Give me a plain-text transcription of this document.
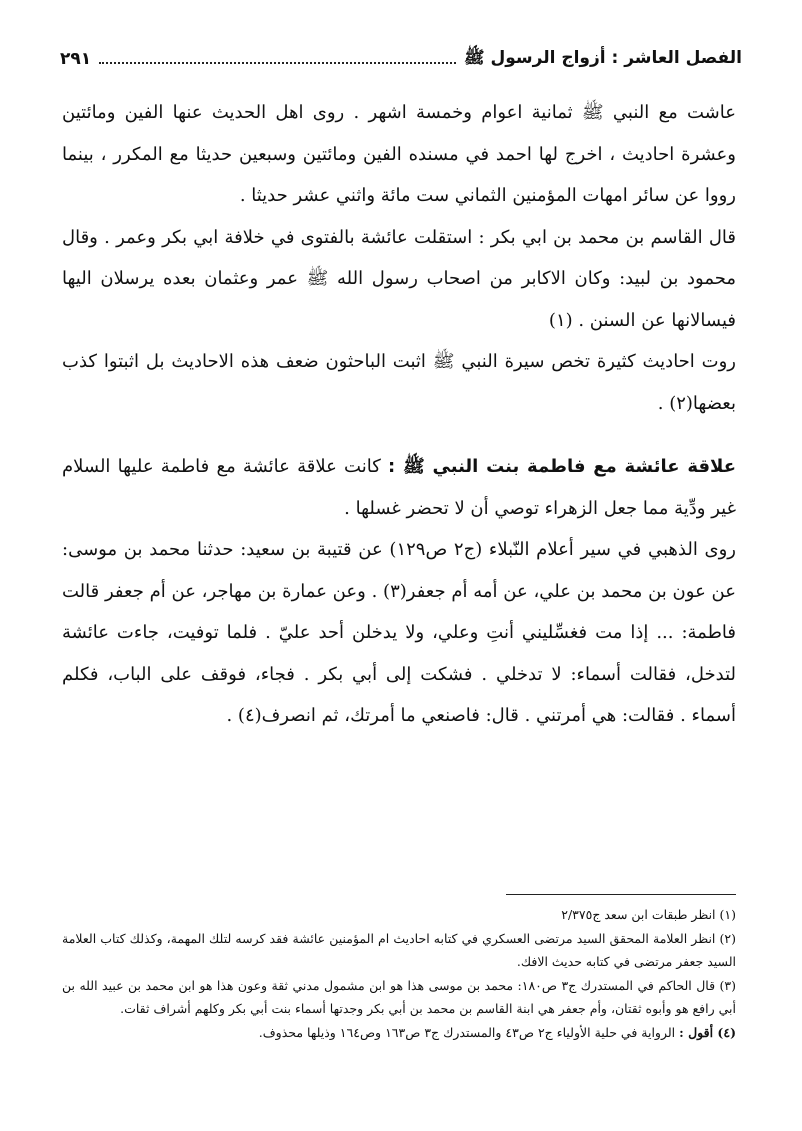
الفصل العاشر : أزواج الرسول ﷺ
٢٩١

عاشت مع النبي ﷺ ثمانية اعوام وخمسة اشهر . روى اهل الحديث عنها الفين ومائتين وعشرة احاديث ، اخرج لها احمد في مسنده الفين ومائتين وسبعين حديثا مع المكرر ، بينما رووا عن سائر امهات المؤمنين الثماني ست مائة واثني عشر حديثا .

قال القاسم بن محمد بن ابي بكر : استقلت عائشة بالفتوى في خلافة ابي بكر وعمر . وقال محمود بن لبيد: وكان الاكابر من اصحاب رسول الله ﷺ عمر وعثمان بعده يرسلان اليها فيسالانها عن السنن . (١)

روت احاديث كثيرة تخص سيرة النبي ﷺ اثبت الباحثون ضعف هذه الاحاديث بل اثبتوا كذب بعضها(٢) .

علاقة عائشة مع فاطمة بنت النبي ﷺ : كانت علاقة عائشة مع فاطمة عليها السلام غير ودِّية مما جعل الزهراء توصي أن لا تحضر غسلها .

روى الذهبي في سير أعلام النّبلاء (ج٢ ص١٢٩) عن قتيبة بن سعيد: حدثنا محمد بن موسى: عن عون بن محمد بن علي، عن أمه أم جعفر(٣) . وعن عمارة بن مهاجر، عن أم جعفر قالت فاطمة: ... إذا مت فغسِّليني أنتِ وعلي، ولا يدخلن أحد عليّ . فلما توفيت، جاءت عائشة لتدخل، فقالت أسماء: لا تدخلي . فشكت إلى أبي بكر . فجاء، فوقف على الباب، فكلم أسماء . فقالت: هي أمرتني . قال: فاصنعي ما أمرتك، ثم انصرف(٤) .

(١) انظر طبقات ابن سعد ج٢/٣٧٥

(٢) انظر العلامة المحقق السيد مرتضى العسكري في كتابه احاديث ام المؤمنين عائشة فقد كرسه لتلك المهمة، وكذلك كتاب العلامة السيد جعفر مرتضى في كتابه حديث الافك.

(٣) قال الحاكم في المستدرك ج٣ ص١٨٠: محمد بن موسى هذا هو ابن مشمول مدني ثقة وعون هذا هو ابن محمد بن عبيد الله بن أبي رافع هو وأبوه ثقتان، وأم جعفر هي ابنة القاسم بن محمد بن أبي بكر وجدتها أسماء بنت أبي بكر وكلهم أشراف ثقات.

(٤) أقول : الرواية في حلية الأولياء ج٢ ص٤٣ والمستدرك ج٣ ص١٦٣ وص١٦٤ وذيلها محذوف.
